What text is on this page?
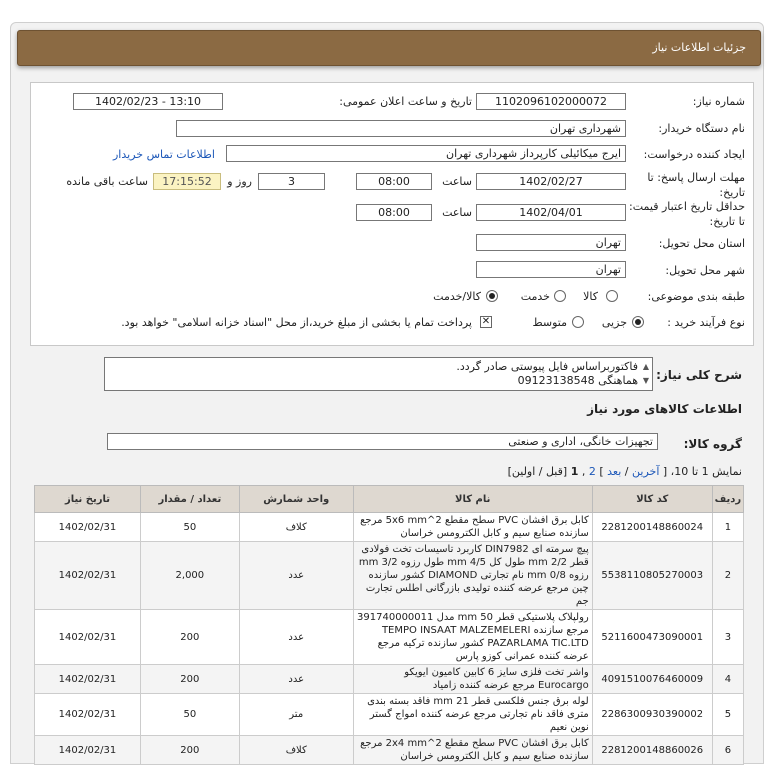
جزئیات اطلاعات نیاز
شماره نیاز:
1102096102000072
تاریخ و ساعت اعلان عمومی:
1402/02/23 - 13:10
نام دستگاه خریدار:
شهرداری تهران
ایجاد کننده درخواست:
ایرج میکائیلی کارپرداز شهرداری تهران
اطلاعات تماس خریدار
مهلت ارسال پاسخ: تا تاریخ:
1402/02/27
ساعت
08:00
3
روز و
17:15:52
ساعت باقی مانده
حداقل تاریخ اعتبار قیمت: تا تاریخ:
1402/04/01
ساعت
08:00
استان محل تحویل:
تهران
شهر محل تحویل:
تهران
طبقه بندی موضوعی:
کالا
خدمت
کالا/خدمت
نوع فرآیند خرید :
جزیی
متوسط
✕
پرداخت تمام یا بخشی از مبلغ خرید،از محل "اسناد خزانه اسلامی" خواهد بود.
شرح کلی نیاز:
▲
▼
فاکتوربراساس فایل پیوستی صادر گردد.
هماهنگی 09123138548
اطلاعات کالاهای مورد نیاز
گروه کالا:
تجهیزات خانگی، اداری و صنعتی
نمایش 1 تا 10، [ آخرین / بعد ] 2 , 1 [قبل / اولین]
ردیف	کد کالا	نام کالا	واحد شمارش	تعداد / مقدار	تاریخ نیاز
1	2281200148860024	کابل برق افشان PVC سطح مقطع 2^5x6 mm مرجع سازنده صنایع سیم و کابل الکترومس خراسان	کلاف	50	1402/02/31
2	5538110805270003	پیچ سرمته ای DIN7982 کاربرد تاسیسات تخت فولادی قطر 2/2 mm طول کل 4/5 mm طول رزوه 3/2 mm رزوه 0/8 mm نام تجارتی DIAMOND کشور سازنده چین مرجع عرضه کننده تولیدی بازرگانی اطلس تجارت جم	عدد	2,000	1402/02/31
3	5211600473090001	رولپلاک پلاستیکی قطر 50 mm مدل 391740000011 مرجع سازنده TEMPO INSAAT MALZEMELERI PAZARLAMA TIC.LTD کشور سازنده ترکیه مرجع عرضه کننده عمرانی کوزو پارس	عدد	200	1402/02/31
4	4091510076460009	واشر تخت فلزی سایز 6 کابین کامیون ایویکو Eurocargo مرجع عرضه کننده زامیاد	عدد	200	1402/02/31
5	2286300930390002	لوله برق جنس فلکسی قطر 21 mm فاقد بسته بندی متری فاقد نام تجارتی مرجع عرضه کننده امواج گستر نوین نعیم	متر	50	1402/02/31
6	2281200148860026	کابل برق افشان PVC سطح مقطع 2^2x4 mm مرجع سازنده صنایع سیم و کابل الکترومس خراسان	کلاف	200	1402/02/31
